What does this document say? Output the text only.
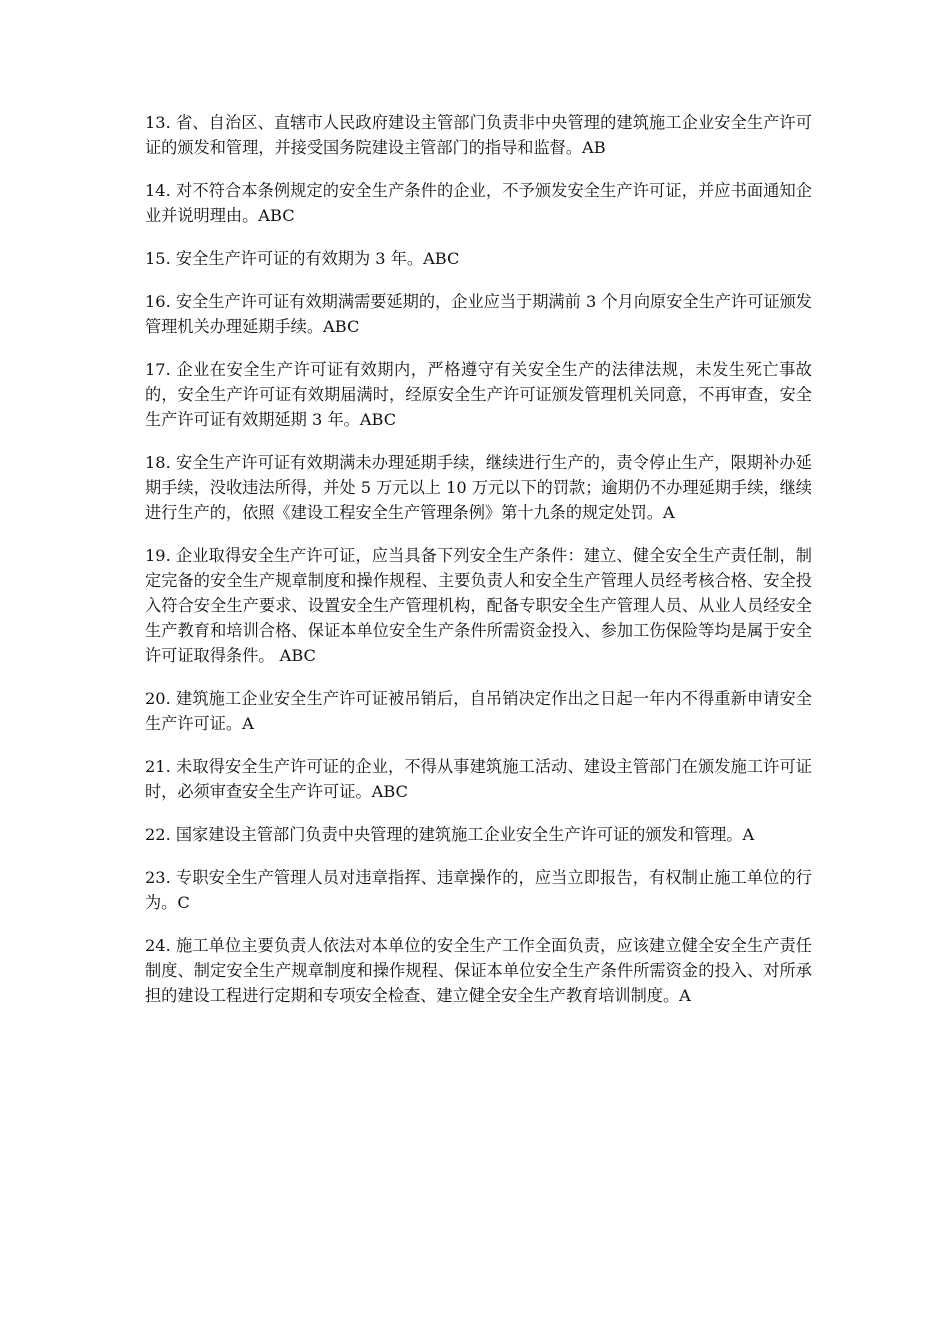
13. 省、自治区、直辖市人民政府建设主管部门负责非中央管理的建筑施工企业安全生产许可证的颁发和管理，并接受国务院建设主管部门的指导和监督。AB

14. 对不符合本条例规定的安全生产条件的企业，不予颁发安全生产许可证，并应书面通知企业并说明理由。ABC

15. 安全生产许可证的有效期为 3 年。ABC

16. 安全生产许可证有效期满需要延期的，企业应当于期满前 3 个月向原安全生产许可证颁发管理机关办理延期手续。ABC

17. 企业在安全生产许可证有效期内，严格遵守有关安全生产的法律法规，未发生死亡事故的，安全生产许可证有效期届满时，经原安全生产许可证颁发管理机关同意，不再审查，安全生产许可证有效期延期 3 年。ABC

18. 安全生产许可证有效期满未办理延期手续，继续进行生产的，责令停止生产，限期补办延期手续，没收违法所得，并处 5 万元以上 10 万元以下的罚款；逾期仍不办理延期手续，继续进行生产的，依照《建设工程安全生产管理条例》第十九条的规定处罚。A

19. 企业取得安全生产许可证，应当具备下列安全生产条件：建立、健全安全生产责任制，制定完备的安全生产规章制度和操作规程、主要负责人和安全生产管理人员经考核合格、安全投入符合安全生产要求、设置安全生产管理机构，配备专职安全生产管理人员、从业人员经安全生产教育和培训合格、保证本单位安全生产条件所需资金投入、参加工伤保险等均是属于安全许可证取得条件。 ABC

20. 建筑施工企业安全生产许可证被吊销后，自吊销决定作出之日起一年内不得重新申请安全生产许可证。A

21. 未取得安全生产许可证的企业，不得从事建筑施工活动、建设主管部门在颁发施工许可证时，必须审查安全生产许可证。ABC

22. 国家建设主管部门负责中央管理的建筑施工企业安全生产许可证的颁发和管理。A

23. 专职安全生产管理人员对违章指挥、违章操作的，应当立即报告，有权制止施工单位的行为。C

24. 施工单位主要负责人依法对本单位的安全生产工作全面负责，应该建立健全安全生产责任制度、制定安全生产规章制度和操作规程、保证本单位安全生产条件所需资金的投入、对所承担的建设工程进行定期和专项安全检查、建立健全安全生产教育培训制度。A
